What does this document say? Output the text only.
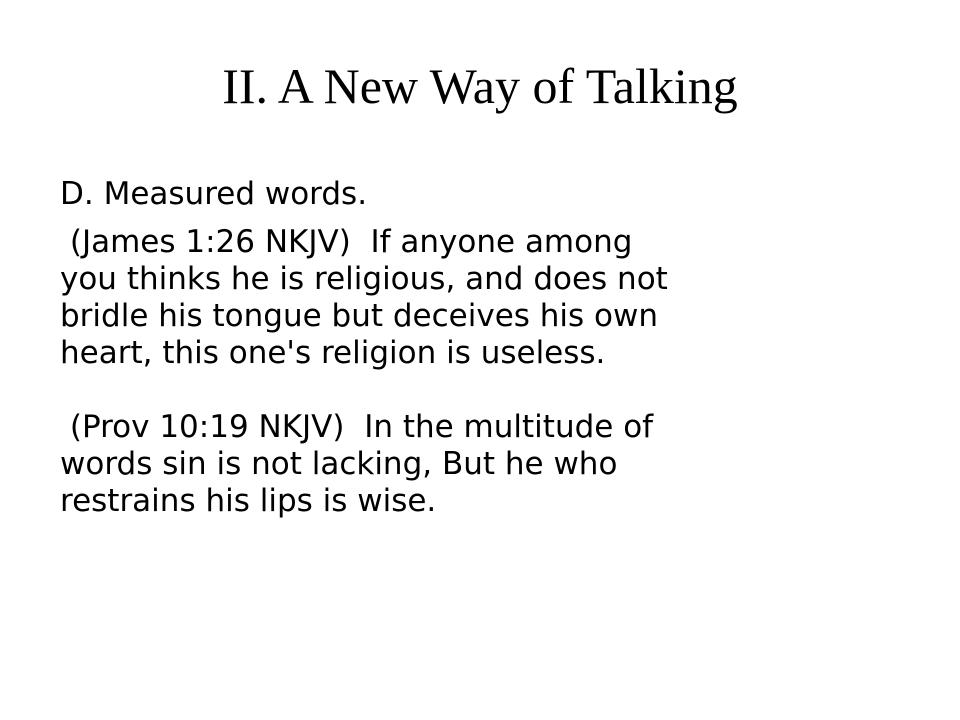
II. A New Way of Talking

D. Measured words.

(James 1:26 NKJV)  If anyone among
you thinks he is religious, and does not
bridle his tongue but deceives his own
heart, this one's religion is useless.

(Prov 10:19 NKJV)  In the multitude of
words sin is not lacking, But he who
restrains his lips is wise.
